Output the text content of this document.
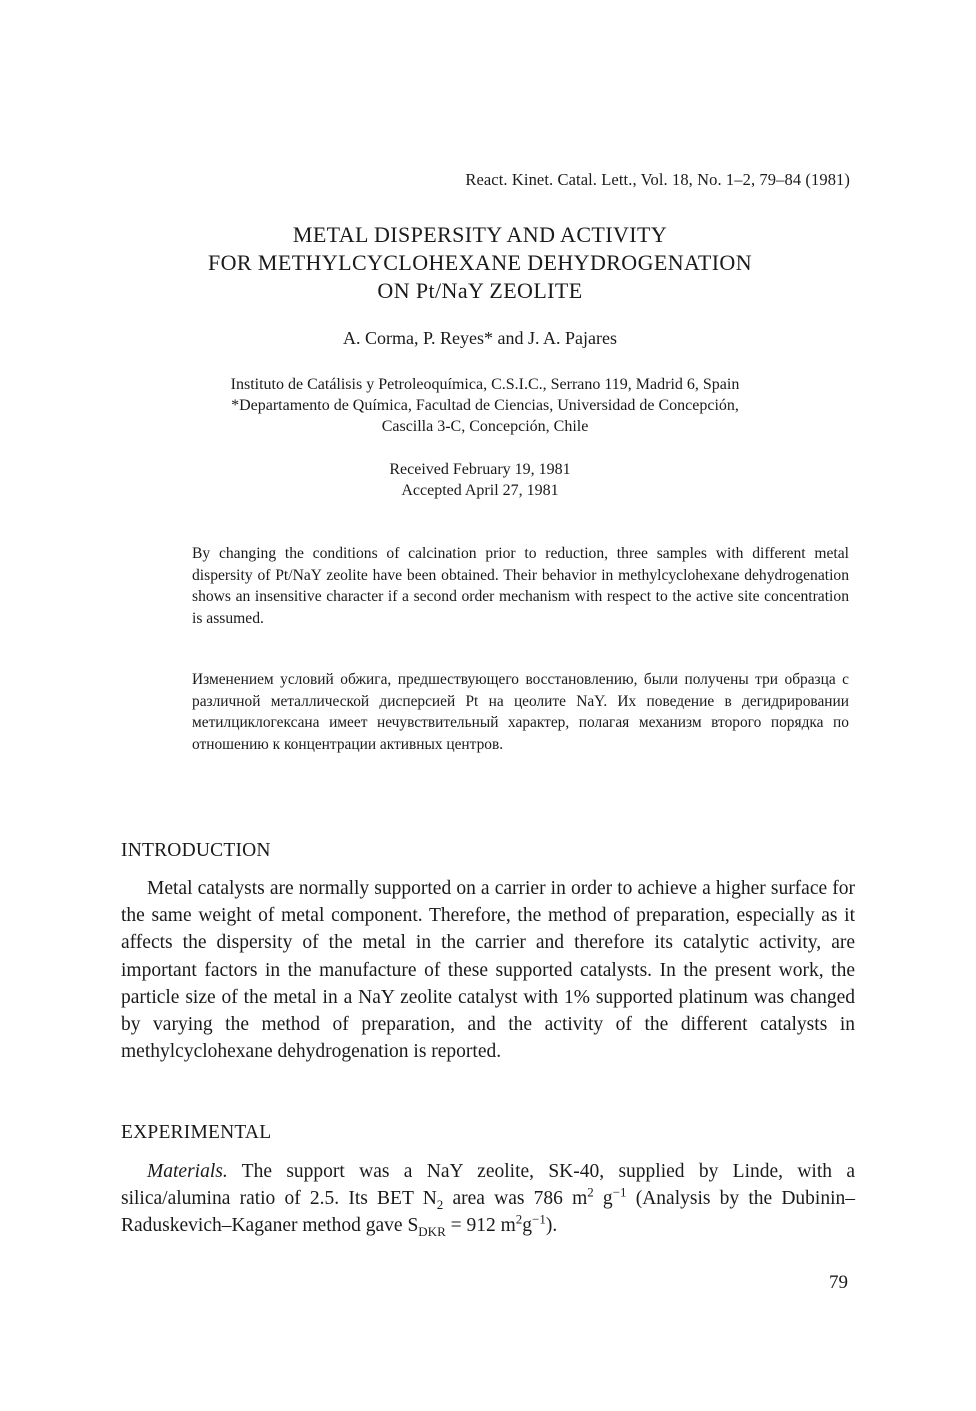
React. Kinet. Catal. Lett., Vol. 18, No. 1–2, 79–84 (1981)
METAL DISPERSITY AND ACTIVITY
FOR METHYLCYCLOHEXANE DEHYDROGENATION
ON Pt/NaY ZEOLITE
A. Corma, P. Reyes* and J. A. Pajares
Instituto de Catálisis y Petroleoquímica, C.S.I.C., Serrano 119, Madrid 6, Spain
*Departamento de Química, Facultad de Ciencias, Universidad de Concepción,
Cascilla 3-C, Concepción, Chile
Received February 19, 1981
Accepted April 27, 1981

By changing the conditions of calcination prior to reduction, three samples with different metal dispersity of Pt/NaY zeolite have been obtained. Their behavior in methylcyclohexane dehydrogenation shows an insensitive character if a second order mechanism with respect to the active site concentration is assumed.

Изменением условий обжига, предшествующего восстановлению, были получены три образца с различной металлической дисперсией Pt на цеолите NaY. Их поведение в дегидрировании метилциклогексана имеет нечувствительный характер, полагая механизм второго порядка по отношению к концентрации активных центров.

INTRODUCTION

Metal catalysts are normally supported on a carrier in order to achieve a higher surface for the same weight of metal component. Therefore, the method of preparation, especially as it affects the dispersity of the metal in the carrier and therefore its catalytic activity, are important factors in the manufacture of these supported catalysts. In the present work, the particle size of the metal in a NaY zeolite catalyst with 1% supported platinum was changed by varying the method of preparation, and the activity of the different catalysts in methylcyclohexane dehydrogenation is reported.

EXPERIMENTAL

Materials. The support was a NaY zeolite, SK-40, supplied by Linde, with a silica/alumina ratio of 2.5. Its BET $N_2$ area was 786 $m^2$ $g^{-1}$ (Analysis by the Dubinin–Raduskevich–Kaganer method gave $S_{DKR} = 912$ $m^2g^{-1}$).

79
